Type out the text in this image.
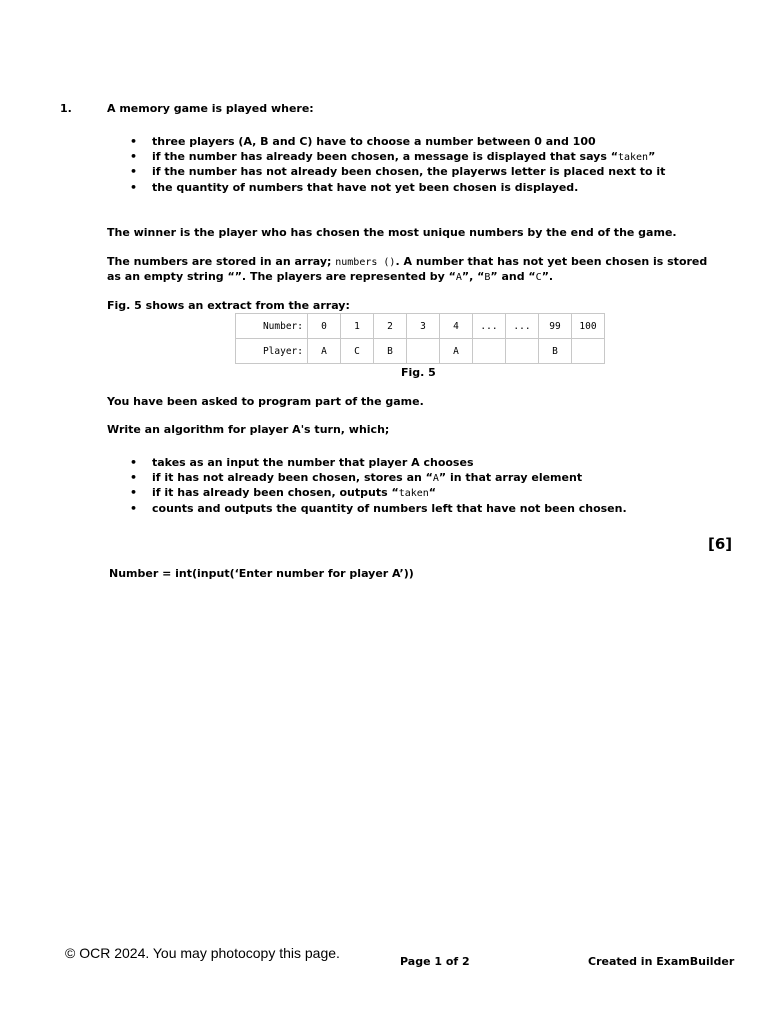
1.	A memory game is played where:
• three players (A, B and C) have to choose a number between 0 and 100
• if the number has already been chosen, a message is displayed that says “taken”
• if the number has not already been chosen, the playerws letter is placed next to it
• the quantity of numbers that have not yet been chosen is displayed.
The winner is the player who has chosen the most unique numbers by the end of the game.
The numbers are stored in an array; numbers (). A number that has not yet been chosen is stored
as an empty string “”. The players are represented by “A”, “B” and “C”.
Fig. 5 shows an extract from the array:
Number:	0	1	2	3	4	...	...	99	100
Player:	A	C	B		A			B	
Fig. 5
You have been asked to program part of the game.
Write an algorithm for player A's turn, which;
• takes as an input the number that player A chooses
• if it has not already been chosen, stores an “A” in that array element
• if it has already been chosen, outputs “taken“
• counts and outputs the quantity of numbers left that have not been chosen.
[6]
Number = int(input(‘Enter number for player A’))
© OCR 2024. You may photocopy this page.
Page 1 of 2	Created in ExamBuilder
